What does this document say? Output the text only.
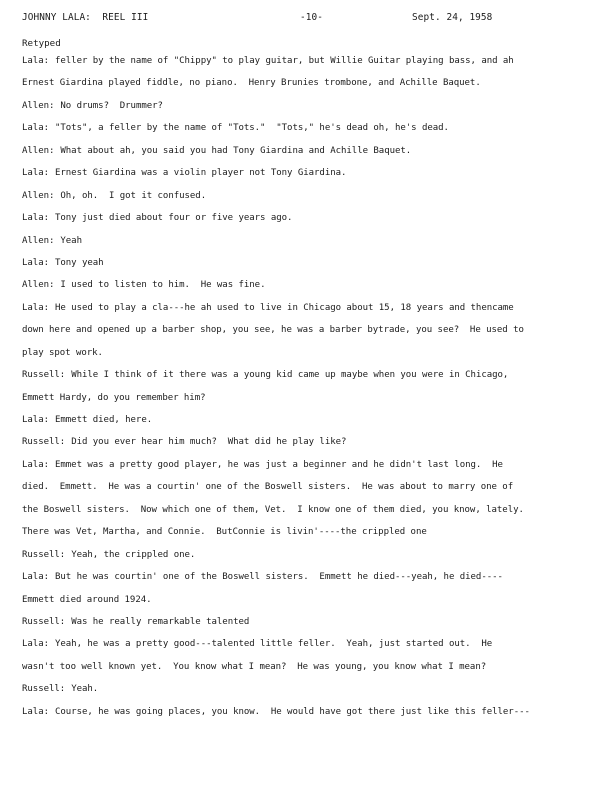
JOHNNY LALA:  REEL III	-10-	Sept. 24, 1958
Retyped
Lala: feller by the name of "Chippy" to play guitar, but Willie Guitar playing bass, and ah
Ernest Giardina played fiddle, no piano.  Henry Brunies trombone, and Achille Baquet.
Allen: No drums?  Drummer?
Lala: "Tots", a feller by the name of "Tots."  "Tots," he's dead oh, he's dead.
Allen: What about ah, you said you had Tony Giardina and Achille Baquet.
Lala: Ernest Giardina was a violin player not Tony Giardina.
Allen: Oh, oh.  I got it confused.
Lala: Tony just died about four or five years ago.
Allen: Yeah
Lala: Tony yeah
Allen: I used to listen to him.  He was fine.
Lala: He used to play a cla---he ah used to live in Chicago about 15, 18 years and thencame
down here and opened up a barber shop, you see, he was a barber bytrade, you see?  He used to
play spot work.
Russell: While I think of it there was a young kid came up maybe when you were in Chicago,
Emmett Hardy, do you remember him?
Lala: Emmett died, here.
Russell: Did you ever hear him much?  What did he play like?
Lala: Emmet was a pretty good player, he was just a beginner and he didn't last long.  He
died.  Emmett.  He was a courtin' one of the Boswell sisters.  He was about to marry one of
the Boswell sisters.  Now which one of them, Vet.  I know one of them died, you know, lately.
There was Vet, Martha, and Connie.  ButConnie is livin'----the crippled one
Russell: Yeah, the crippled one.
Lala: But he was courtin' one of the Boswell sisters.  Emmett he died---yeah, he died----
Emmett died around 1924.
Russell: Was he really remarkable talented
Lala: Yeah, he was a pretty good---talented little feller.  Yeah, just started out.  He
wasn't too well known yet.  You know what I mean?  He was young, you know what I mean?
Russell: Yeah.
Lala: Course, he was going places, you know.  He would have got there just like this feller---
